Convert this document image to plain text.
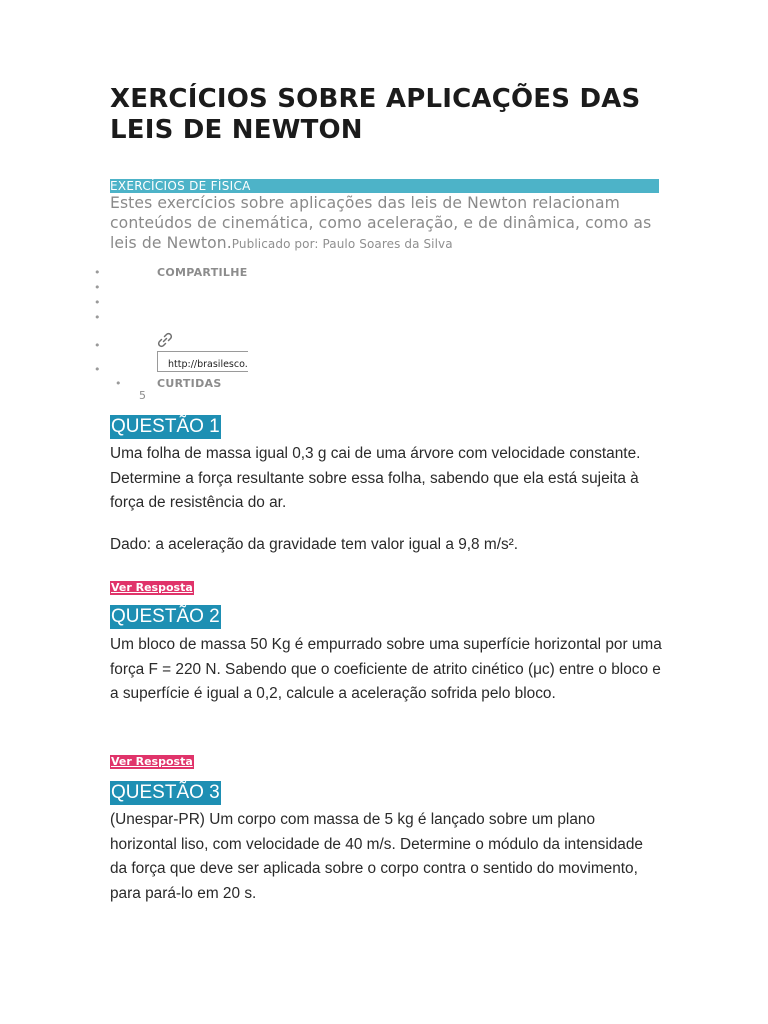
XERCÍCIOS SOBRE APLICAÇÕES DAS LEIS DE NEWTON
EXERCÍCIOS DE FÍSICA
Estes exercícios sobre aplicações das leis de Newton relacionam conteúdos de cinemática, como aceleração, e de dinâmica, como as leis de Newton.Publicado por: Paulo Soares da Silva
•	COMPARTILHE
•
•
•
•
•
http://brasilesco.l
•	CURTIDAS
5
QUESTÃO 1

Uma folha de massa igual 0,3 g cai de uma árvore com velocidade constante. Determine a força resultante sobre essa folha, sabendo que ela está sujeita à força de resistência do ar.

Dado: a aceleração da gravidade tem valor igual a 9,8 m/s².

Ver Resposta
QUESTÃO 2

Um bloco de massa 50 Kg é empurrado sobre uma superfície horizontal por uma força F = 220 N. Sabendo que o coeficiente de atrito cinético (μc) entre o bloco e a superfície é igual a 0,2, calcule a aceleração sofrida pelo bloco.

Ver Resposta
QUESTÃO 3

(Unespar-PR) Um corpo com massa de 5 kg é lançado sobre um plano horizontal liso, com velocidade de 40 m/s. Determine o módulo da intensidade da força que deve ser aplicada sobre o corpo contra o sentido do movimento, para pará-lo em 20 s.
